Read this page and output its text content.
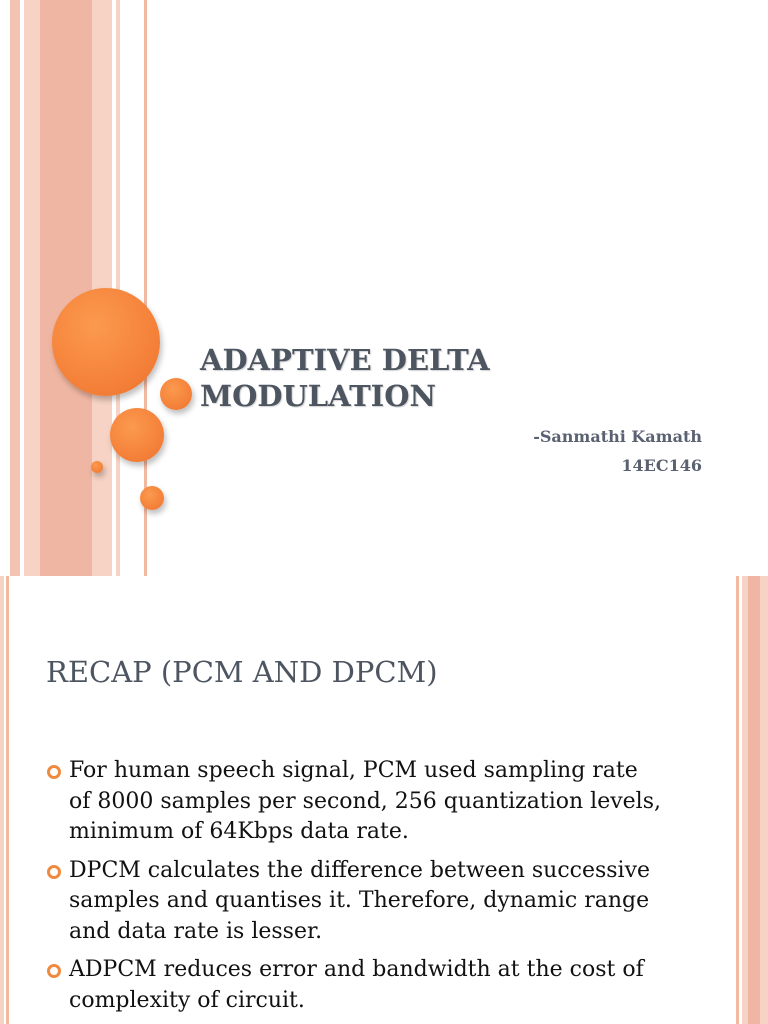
ADAPTIVE DELTA
MODULATION

-Sanmathi Kamath

14EC146

RECAP (PCM AND DPCM)
For human speech signal, PCM used sampling rate of 8000 samples per second, 256 quantization levels, minimum of 64Kbps data rate.
DPCM calculates the difference between successive samples and quantises it. Therefore, dynamic range and data rate is lesser.
ADPCM reduces error and bandwidth at the cost of complexity of circuit.
